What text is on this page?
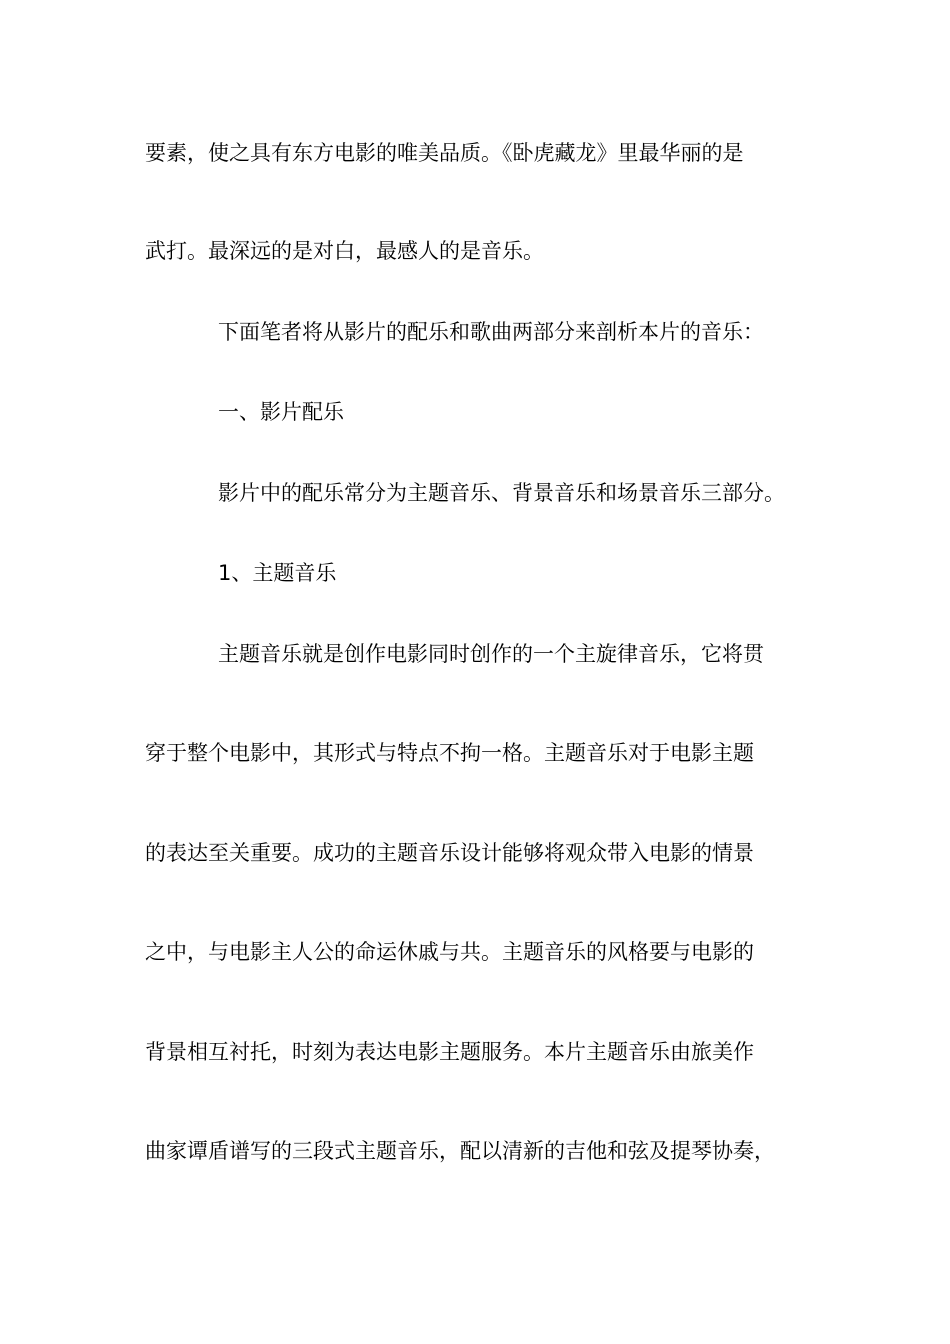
要素，使之具有东方电影的唯美品质。《卧虎藏龙》里最华丽的是
武打。最深远的是对白，最感人的是音乐。
下面笔者将从影片的配乐和歌曲两部分来剖析本片的音乐：
一、影片配乐
影片中的配乐常分为主题音乐、背景音乐和场景音乐三部分。
1、主题音乐
主题音乐就是创作电影同时创作的一个主旋律音乐，它将贯
穿于整个电影中，其形式与特点不拘一格。主题音乐对于电影主题
的表达至关重要。成功的主题音乐设计能够将观众带入电影的情景
之中，与电影主人公的命运休戚与共。主题音乐的风格要与电影的
背景相互衬托，时刻为表达电影主题服务。本片主题音乐由旅美作
曲家谭盾谱写的三段式主题音乐，配以清新的吉他和弦及提琴协奏，
